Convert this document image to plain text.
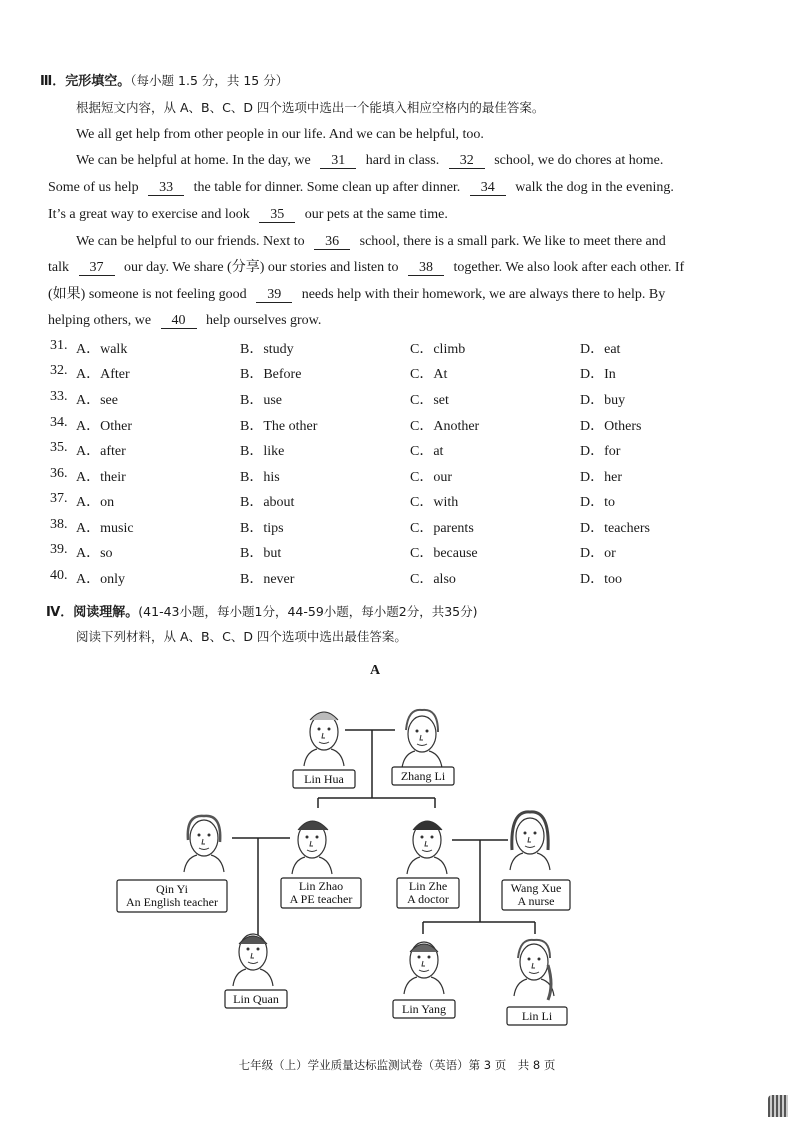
Ⅲ．完形填空。（每小题 1.5 分，共 15 分）
根据短文内容，从 A、B、C、D 四个选项中选出一个能填入相应空格内的最佳答案。
We all get help from other people in our life. And we can be helpful, too.
We can be helpful at home. In the day, we 31 hard in class. 32 school, we do chores at home.
Some of us help 33 the table for dinner. Some clean up after dinner. 34 walk the dog in the evening.
It’s a great way to exercise and look 35 our pets at the same time.
We can be helpful to our friends. Next to 36 school, there is a small park. We like to meet there and
talk 37 our day. We share (分享) our stories and listen to 38 together. We also look after each other. If
(如果) someone is not feeling good 39 needs help with their homework, we are always there to help. By
helping others, we 40 help ourselves grow.
31. A．walk	B．study	C．climb	D．eat
32. A．After	B．Before	C．At	D．In
33. A．see	B．use	C．set	D．buy
34. A．Other	B．The other	C．Another	D．Others
35. A．after	B．like	C．at	D．for
36. A．their	B．his	C．our	D．her
37. A．on	B．about	C．with	D．to
38. A．music	B．tips	C．parents	D．teachers
39. A．so	B．but	C．because	D．or
40. A．only	B．never	C．also	D．too
Ⅳ．阅读理解。(41-43小题，每小题1分，44-59小题，每小题2分，共35分)
阅读下列材料，从 A、B、C、D 四个选项中选出最佳答案。
A
Lin Hua	Zhang Li
Qin Yi
An English teacher
Lin Zhao
A PE teacher
Lin Zhe
A doctor
Wang Xue
A nurse
Lin Quan
Lin Yang	Lin Li
七年级（上）学业质量达标监测试卷（英语）第 3 页　共 8 页
